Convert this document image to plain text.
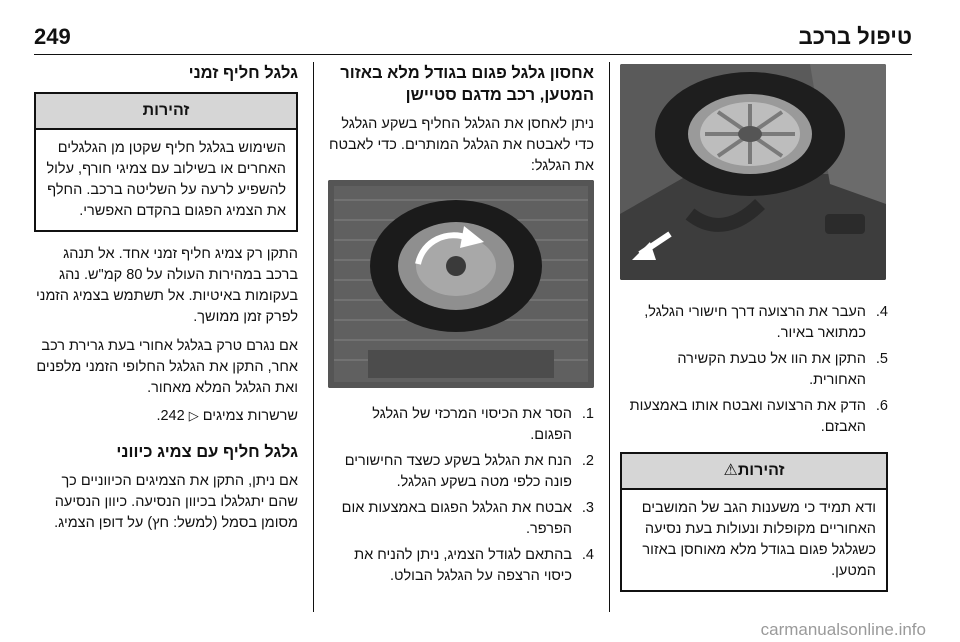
249	טיפול ברכב
4.
העבר את הרצועה דרך חישורי הגלגל, כמתואר באיור.
5.
התקן את הוו אל טבעת הקשירה האחורית.
6.
הדק את הרצועה ואבטח אותו באמצעות האבזם.
זהירות⚠
ודא תמיד כי משענות הגב של המושבים האחוריים מקופלות ונעולות בעת נסיעה כשגלגל פגום בגודל מלא מאוחסן באזור המטען.
אחסון גלגל פגום בגודל מלא באזור המטען, רכב מדגם סטיישן

ניתן לאחסן את הגלגל החליף בשקע הגלגל כדי לאבטח את הגלגל המותרים. כדי לאבטח את הגלגל:

1.
הסר את הכיסוי המרכזי של הגלגל הפגום.
2.
הנח את הגלגל בשקע כשצד החישורים פונה כלפי מטה בשקע הגלגל.
3.
אבטח את הגלגל הפגום באמצעות אום הפרפר.
4.
בהתאם לגודל הצמיג, ניתן להניח את כיסוי הרצפה על הגלגל הבולט.
גלגל חליף זמני
זהירות
השימוש בגלגל חליף שקטן מן הגלגלים האחרים או בשילוב עם צמיגי חורף, עלול להשפיע לרעה על השליטה ברכב. החלף את הצמיג הפגום בהקדם האפשרי.

התקן רק צמיג חליף זמני אחד. אל תנהג ברכב במהירות העולה על 80 קמ"ש. נהג בעקומות באיטיות. אל תשתמש בצמיג הזמני לפרק זמן ממושך.

אם נגרם טרק בגלגל אחורי בעת גרירת רכב אחר, התקן את הגלגל החלופי הזמני מלפנים ואת הגלגל המלא מאחור.

שרשרות צמיגים ▷ 242.

גלגל חליף עם צמיג כיווני

אם ניתן, התקן את הצמיגים הכיווניים כך שהם יתגלגלו בכיוון הנסיעה. כיוון הנסיעה מסומן בסמל (למשל: חץ) על דופן הצמיג.

carmanualsonline.info
